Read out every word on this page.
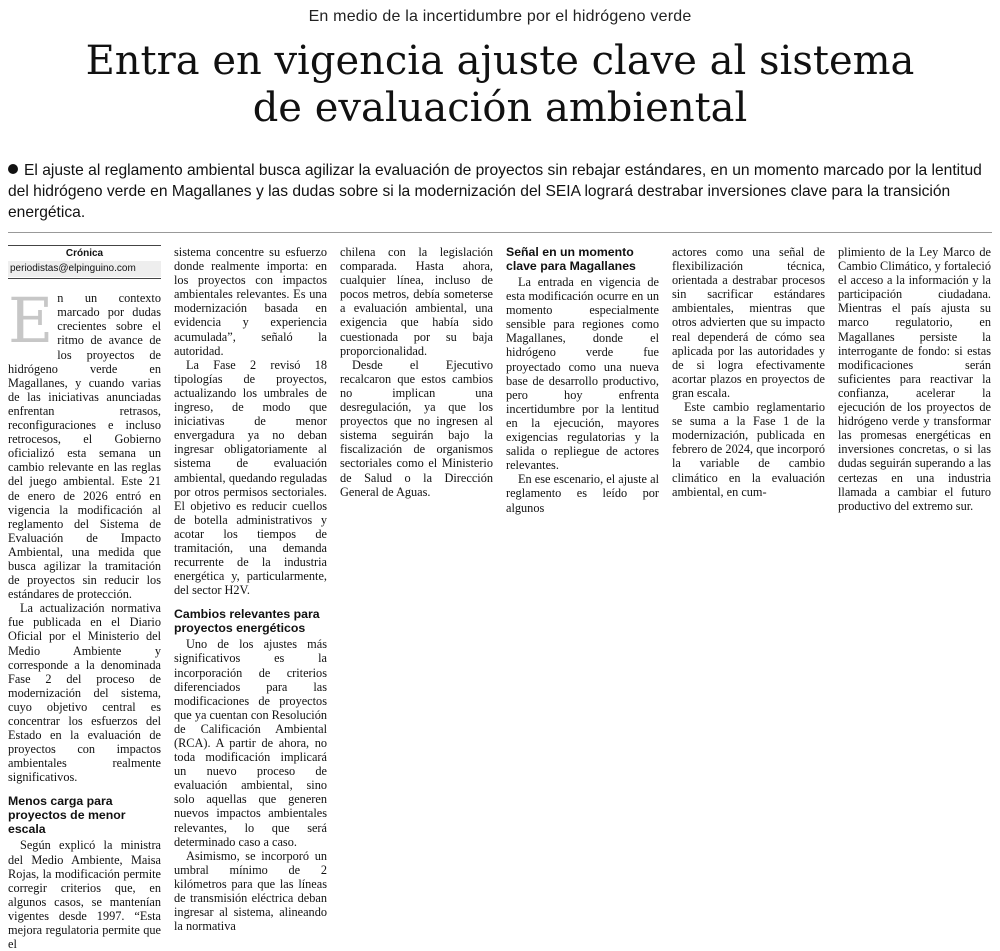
En medio de la incertidumbre por el hidrógeno verde
Entra en vigencia ajuste clave al sistema de evaluación ambiental

El ajuste al reglamento ambiental busca agilizar la evaluación de proyectos sin rebajar estándares, en un momento marcado por la lentitud del hidrógeno verde en Magallanes y las dudas sobre si la modernización del SEIA logrará destrabar inversiones clave para la transición energética.

Crónica
periodistas@elpinguino.com

En un contexto marcado por dudas crecientes sobre el ritmo de avance de los proyectos de hidrógeno verde en Magallanes, y cuando varias de las iniciativas anunciadas enfrentan retrasos, reconfiguraciones e incluso retrocesos, el Gobierno oficializó esta semana un cambio relevante en las reglas del juego ambiental. Este 21 de enero de 2026 entró en vigencia la modificación al reglamento del Sistema de Evaluación de Impacto Ambiental, una medida que busca agilizar la tramitación de proyectos sin reducir los estándares de protección.

La actualización normativa fue publicada en el Diario Oficial por el Ministerio del Medio Ambiente y corresponde a la denominada Fase 2 del proceso de modernización del sistema, cuyo objetivo central es concentrar los esfuerzos del Estado en la evaluación de proyectos con impactos ambientales realmente significativos.

Menos carga para proyectos de menor escala

Según explicó la ministra del Medio Ambiente, Maisa Rojas, la modificación permite corregir criterios que, en algunos casos, se mantenían vigentes desde 1997. “Esta mejora regulatoria permite que el

sistema concentre su esfuerzo donde realmente importa: en los proyectos con impactos ambientales relevantes. Es una modernización basada en evidencia y experiencia acumulada”, señaló la autoridad.

La Fase 2 revisó 18 tipologías de proyectos, actualizando los umbrales de ingreso, de modo que iniciativas de menor envergadura ya no deban ingresar obligatoriamente al sistema de evaluación ambiental, quedando reguladas por otros permisos sectoriales. El objetivo es reducir cuellos de botella administrativos y acotar los tiempos de tramitación, una demanda recurrente de la industria energética y, particularmente, del sector H2V.

Cambios relevantes para proyectos energéticos

Uno de los ajustes más significativos es la incorporación de criterios diferenciados para las modificaciones de proyectos que ya cuentan con Resolución de Calificación Ambiental (RCA). A partir de ahora, no toda modificación implicará un nuevo proceso de evaluación ambiental, sino solo aquellas que generen nuevos impactos ambientales relevantes, lo que será determinado caso a caso.

Asimismo, se incorporó un umbral mínimo de 2 kilómetros para que las líneas de transmisión eléctrica deban ingresar al sistema, alineando la normativa

chilena con la legislación comparada. Hasta ahora, cualquier línea, incluso de pocos metros, debía someterse a evaluación ambiental, una exigencia que había sido cuestionada por su baja proporcionalidad.

Desde el Ejecutivo recalcaron que estos cambios no implican una desregulación, ya que los proyectos que no ingresen al sistema seguirán bajo la fiscalización de organismos sectoriales como el Ministerio de Salud o la Dirección General de Aguas.

Señal en un momento clave para Magallanes

La entrada en vigencia de esta modificación ocurre en un momento especialmente sensible para regiones como Magallanes, donde el hidrógeno verde fue proyectado como una nueva base de desarrollo productivo, pero hoy enfrenta incertidumbre por la lentitud en la ejecución, mayores exigencias regulatorias y la salida o repliegue de actores relevantes.

En ese escenario, el ajuste al reglamento es leído por algunos

actores como una señal de flexibilización técnica, orientada a destrabar procesos sin sacrificar estándares ambientales, mientras que otros advierten que su impacto real dependerá de cómo sea aplicada por las autoridades y de si logra efectivamente acortar plazos en proyectos de gran escala.

Este cambio reglamentario se suma a la Fase 1 de la modernización, publicada en febrero de 2024, que incorporó la variable de cambio climático en la evaluación ambiental, en cum-

plimiento de la Ley Marco de Cambio Climático, y fortaleció el acceso a la información y la participación ciudadana. Mientras el país ajusta su marco regulatorio, en Magallanes persiste la interrogante de fondo: si estas modificaciones serán suficientes para reactivar la confianza, acelerar la ejecución de los proyectos de hidrógeno verde y transformar las promesas energéticas en inversiones concretas, o si las dudas seguirán superando a las certezas en una industria llamada a cambiar el futuro productivo del extremo sur.
